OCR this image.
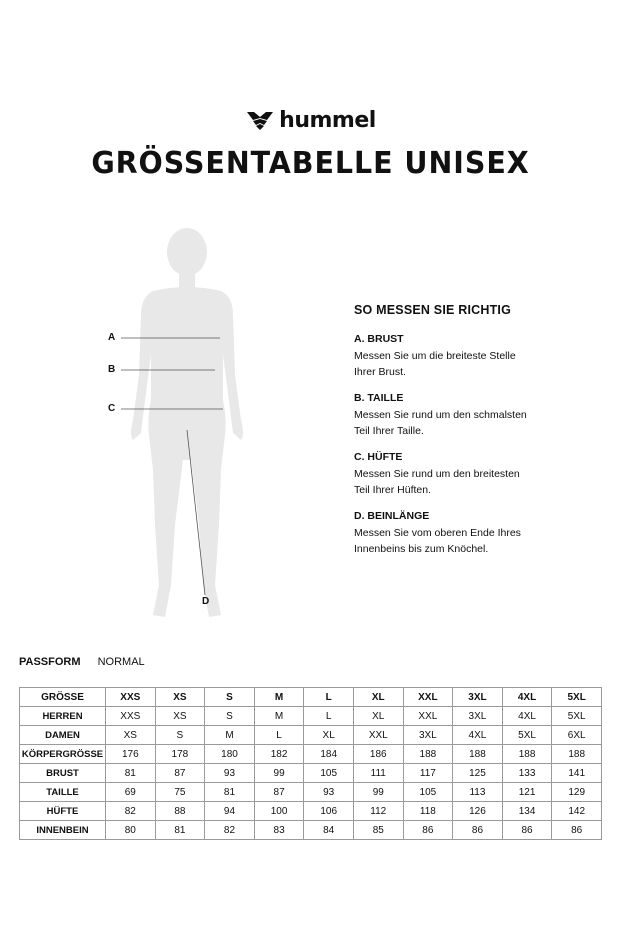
hummel
GRÖSSENTABELLE UNISEX
A
B
C
D

SO MESSEN SIE RICHTIG

A. BRUST

Messen Sie um die breiteste Stelle Ihrer Brust.

B. TAILLE

Messen Sie rund um den schmalsten Teil Ihrer Taille.

C. HÜFTE

Messen Sie rund um den breitesten Teil Ihrer Hüften.

D. BEINLÄNGE

Messen Sie vom oberen Ende Ihres Innenbeins bis zum Knöchel.

PASSFORM NORMAL
GRÖSSE	XXS	XS	S	M	L	XL	XXL	3XL	4XL	5XL
HERREN	XXS	XS	S	M	L	XL	XXL	3XL	4XL	5XL
DAMEN	XS	S	M	L	XL	XXL	3XL	4XL	5XL	6XL
KÖRPERGRÖSSE	176	178	180	182	184	186	188	188	188	188
BRUST	81	87	93	99	105	111	117	125	133	141
TAILLE	69	75	81	87	93	99	105	113	121	129
HÜFTE	82	88	94	100	106	112	118	126	134	142
INNENBEIN	80	81	82	83	84	85	86	86	86	86
